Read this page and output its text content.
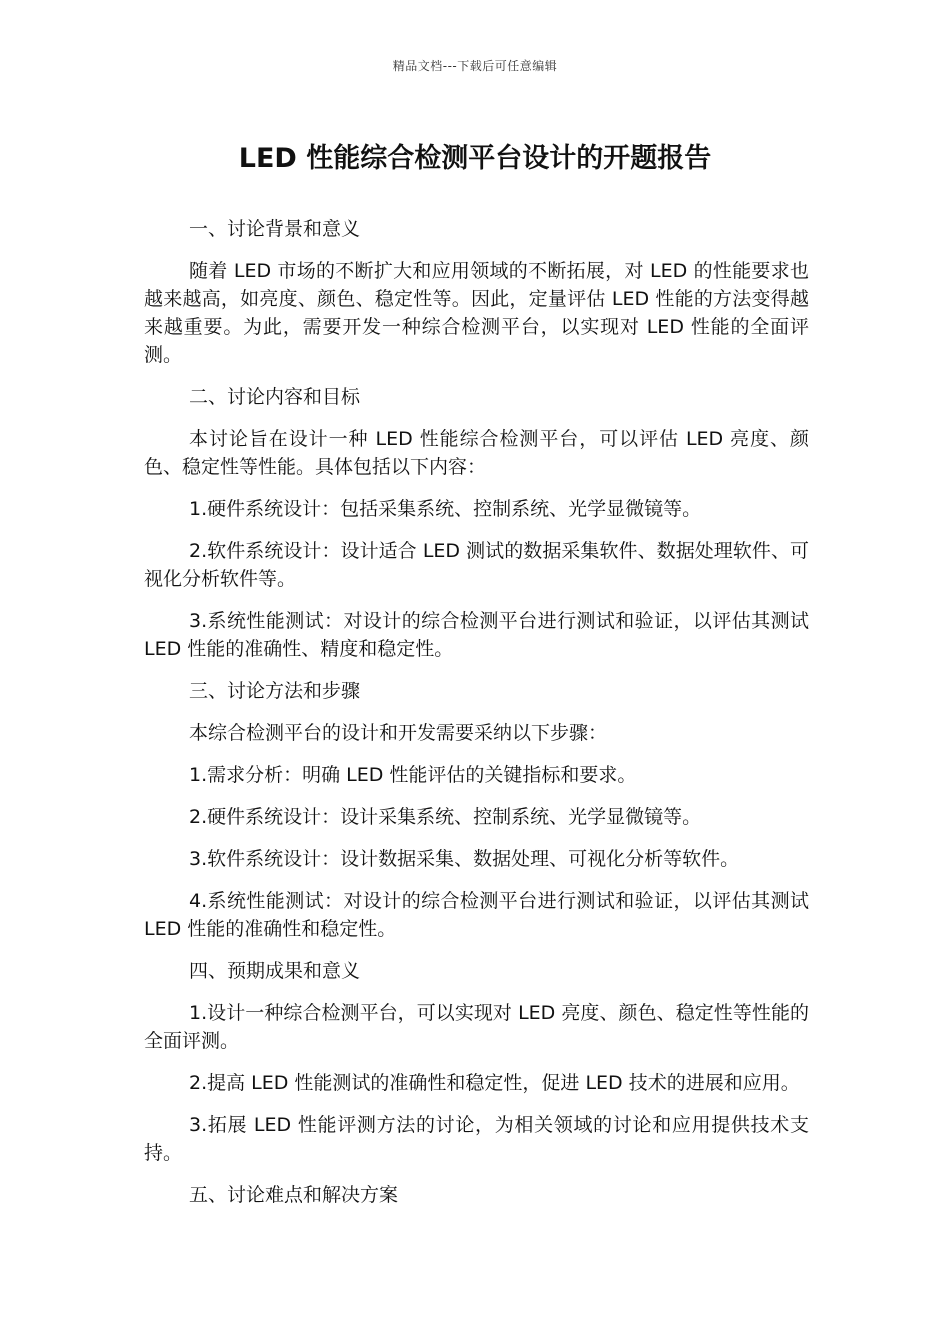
精品文档---下载后可任意编辑
LED 性能综合检测平台设计的开题报告

一、讨论背景和意义

随着 LED 市场的不断扩大和应用领域的不断拓展，对 LED 的性能要求也越来越高，如亮度、颜色、稳定性等。因此，定量评估 LED 性能的方法变得越来越重要。为此，需要开发一种综合检测平台，以实现对 LED 性能的全面评测。

二、讨论内容和目标

本讨论旨在设计一种 LED 性能综合检测平台，可以评估 LED 亮度、颜色、稳定性等性能。具体包括以下内容：

1.硬件系统设计：包括采集系统、控制系统、光学显微镜等。

2.软件系统设计：设计适合 LED 测试的数据采集软件、数据处理软件、可视化分析软件等。

3.系统性能测试：对设计的综合检测平台进行测试和验证，以评估其测试 LED 性能的准确性、精度和稳定性。

三、讨论方法和步骤

本综合检测平台的设计和开发需要采纳以下步骤：

1.需求分析：明确 LED 性能评估的关键指标和要求。

2.硬件系统设计：设计采集系统、控制系统、光学显微镜等。

3.软件系统设计：设计数据采集、数据处理、可视化分析等软件。

4.系统性能测试：对设计的综合检测平台进行测试和验证，以评估其测试 LED 性能的准确性和稳定性。

四、预期成果和意义

1.设计一种综合检测平台，可以实现对 LED 亮度、颜色、稳定性等性能的全面评测。

2.提高 LED 性能测试的准确性和稳定性，促进 LED 技术的进展和应用。

3.拓展 LED 性能评测方法的讨论，为相关领域的讨论和应用提供技术支持。

五、讨论难点和解决方案
